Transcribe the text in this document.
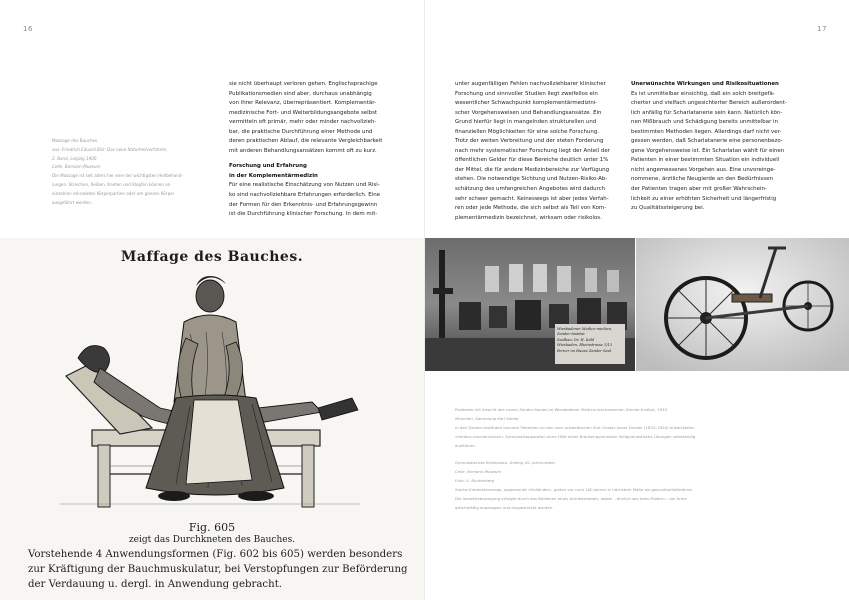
16	17
Massage des Bauches
aus: Friedrich Eduard Bilz: Das neue Naturheilverfahren,
2. Band, Leipzig 1900
Celle, Bomann-Museum
Die Massage ist seit alters her eine der wichtigsten Heilbehand-
lungen. Streichen, Reiben, Kneten und Klopfen können an
einzelnen erkrankten Körperpartien oder am ganzen Körper
ausgeführt werden.
sie nicht überhaupt verloren gehen. Englischsprachige
Publikationsmedien sind aber, durchaus unabhängig
von ihrer Relevanz, überrepräsentiert. Komplementär-
medizinische Fort- und Weiterbildungsangebote selbst
vermitteln oft primär, mehr oder minder nachvollzieh-
bar, die praktische Durchführung einer Methode und
deren praktischen Ablauf, die relevante Vergleichbarkeit
mit anderen Behandlungsansätzen kommt oft zu kurz.
Forschung und Erfahrung
in der Komplementärmedizin
Für eine realistische Einschätzung von Nutzen und Risi-
ko sind nachvollziehbare Erfahrungen erforderlich. Eine
der Formen für den Erkenntnis- und Erfahrungsgewinn
ist die Durchführung klinischer Forschung. In dem mit-
unter augenfälligen Fehlen nachvollziehbarer klinischer
Forschung und sinnvoller Studien liegt zweifellos ein
wesentlicher Schwachpunkt komplementärmedizini-
scher Vorgehensweisen und Behandlungsansätze. Ein
Grund hierfür liegt in mangelnden strukturellen und
finanziellen Möglichkeiten für eine solche Forschung.
Trotz der weiten Verbreitung und der steten Forderung
nach mehr systematischer Forschung liegt der Anteil der
öffentlichen Gelder für diese Bereiche deutlich unter 1%
der Mittel, die für andere Medizinbereiche zur Verfügung
stehen. Die notwendige Sichtung und Nutzen-Risiko-Ab-
schätzung des umfangreichen Angebotes wird dadurch
sehr schwer gemacht. Keineswegs ist aber jedes Verfah-
ren oder jede Methode, die sich selbst als Teil von Kom-
plementärmedizin bezeichnet, wirksam oder risikolos.
Unerwünschte Wirkungen und Risikosituationen
Es ist unmittelbar einsichtig, daß ein solch breitgefä-
cherter und vielfach ungesichterter Bereich außerordent-
lich anfällig für Scharlatanerie sein kann. Natürlich kön-
nen Mißbrauch und Schädigung bereits unmittelbar in
bestimmten Methoden liegen. Allerdings darf nicht ver-
gessen werden, daß Scharlatanerie eine personenbezo-
gene Vorgehensweise ist. Ein Scharlatan wählt für einen
Patienten in einer bestimmten Situation ein individuell
nicht angemessenes Vorgehen aus. Eine unvoreinge-
nommene, ärztliche Neugierde an den Bedürfnissen
der Patienten tragen aber mit großer Wahrschein-
lichkeit zu einer erhöhten Sicherheit und längerfristig
zu Qualitätssteigerung bei.
Maffage des Bauches.
Fig. 605
zeigt das Durchkneten des Bauches.
Vorstehende 4 Anwendungsformen (Fig. 602 bis 605) werden besonders
zur Kräftigung der Bauchmuskulatur, bei Verstopfungen zur Beförderung
der Verdauung u. dergl. in Anwendung gebracht.
Wiesbadener Medico-mechan.
Zander-Institut
Saalbau: Dr. H. Kahl
Wiesbaden, Rheinstrasse 1/13
Ferner im Hause Zander Saal
Postkarte mit Ansicht des neuen Zander-Saales im Wiesbadener Medico-mechanischen Zander-Institut, 1910
München, Sammlung Karl Stehle
In den Zander-Instituten konnten Patienten an den vom schwedischen Arzt Gustav Jonas Zander (1835–1920) entwickelten
»medico-mechanischen« Gymnastikapparaten ohne Hilfe eines Krankengymnasten heilgymnastische Übungen selbständig
ausführen.
Gymnastisches Kinderauto, Anfang 20. Jahrhundert
Celle, Bomann-Museum
Foto: U. Boutenberg
Solche Kinderfahrzeuge, sogenannte »Holländer«, galten vor rund 100 Jahren in höchstem Maße als gesundheitsfördernd.
Die Vorwärtsbewegung erfolgte durch das Bedienen eines Antriebshebels, wobei – ähnlich wie beim Rudern – die Arme
gleichmäßig angezogen und ausgestreckt wurden.
